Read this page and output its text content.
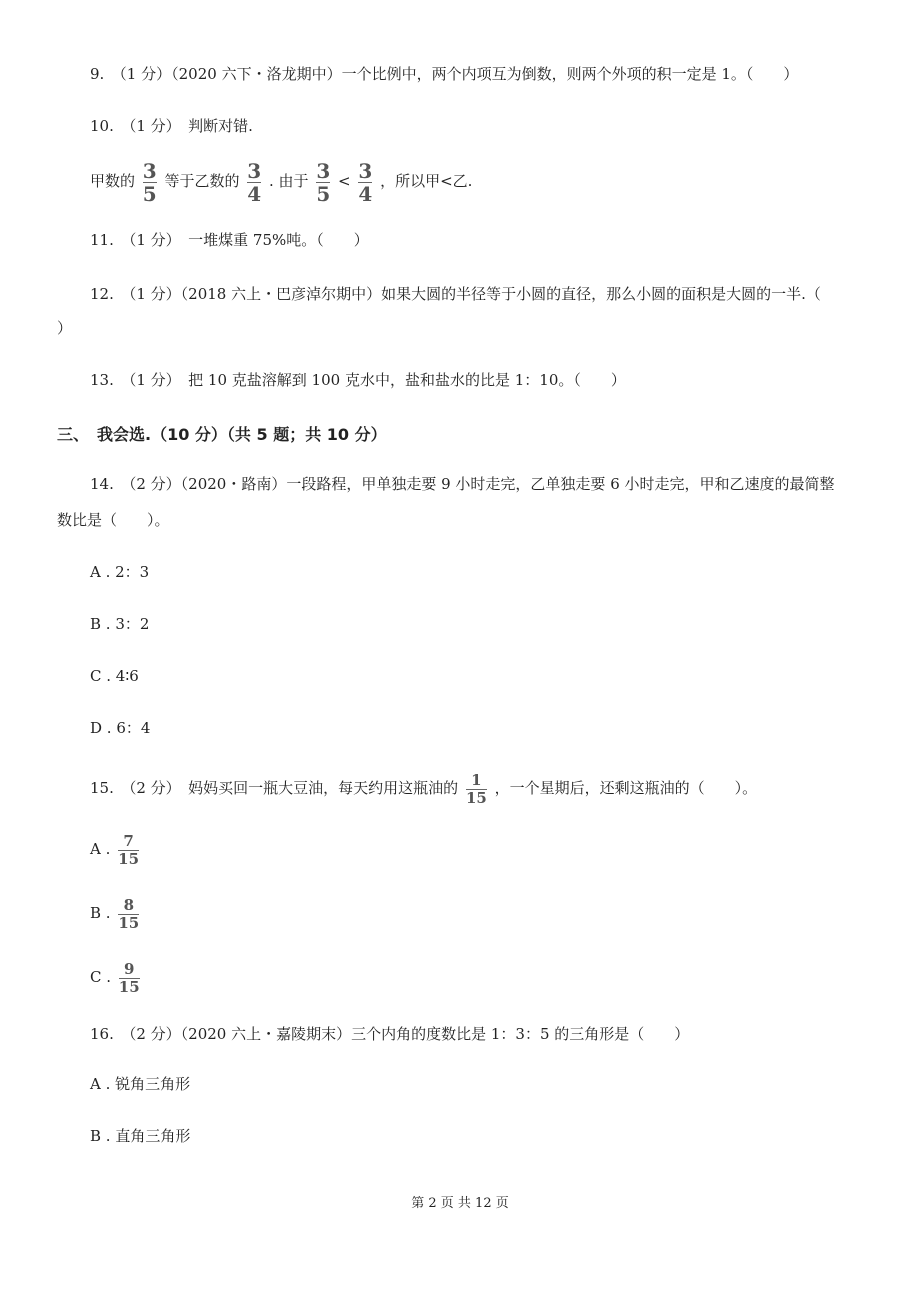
9.　（1 分）（2020 六下・洛龙期中）一个比例中，两个内项互为倒数，则两个外项的积一定是 1。（　　）
10.　（1 分）　判断对错.
甲数的 $\frac{3}{5}$ 等于乙数的 $\frac{3}{4}$ . 由于 $\frac{3}{5} < \frac{3}{4}$ ，所以甲<乙.
11.　（1 分）　一堆煤重 75%吨。（　　）
12.　（1 分）（2018 六上・巴彦淖尔期中）如果大圆的半径等于小圆的直径，那么小圆的面积是大圆的一半.（
）
13.　（1 分）　把 10 克盐溶解到 100 克水中，盐和盐水的比是 1：10。（　　）
三、　我会选.（10 分）（共 5 题；共 10 分）
14.　（2 分）（2020・路南）一段路程，甲单独走要 9 小时走完，乙单独走要 6 小时走完，甲和乙速度的最简整
数比是（　　）。
A . 2：3
B . 3：2
C . 4∶6
D . 6：4
15.　（2 分）　妈妈买回一瓶大豆油，每天约用这瓶油的 $\frac{1}{15}$ ，一个星期后，还剩这瓶油的（　　）。
A . $\frac{7}{15}$
B . $\frac{8}{15}$
C . $\frac{9}{15}$
16.　（2 分）（2020 六上・嘉陵期末）三个内角的度数比是 1：3：5 的三角形是（　　）
A . 锐角三角形
B . 直角三角形
第 2 页 共 12 页
